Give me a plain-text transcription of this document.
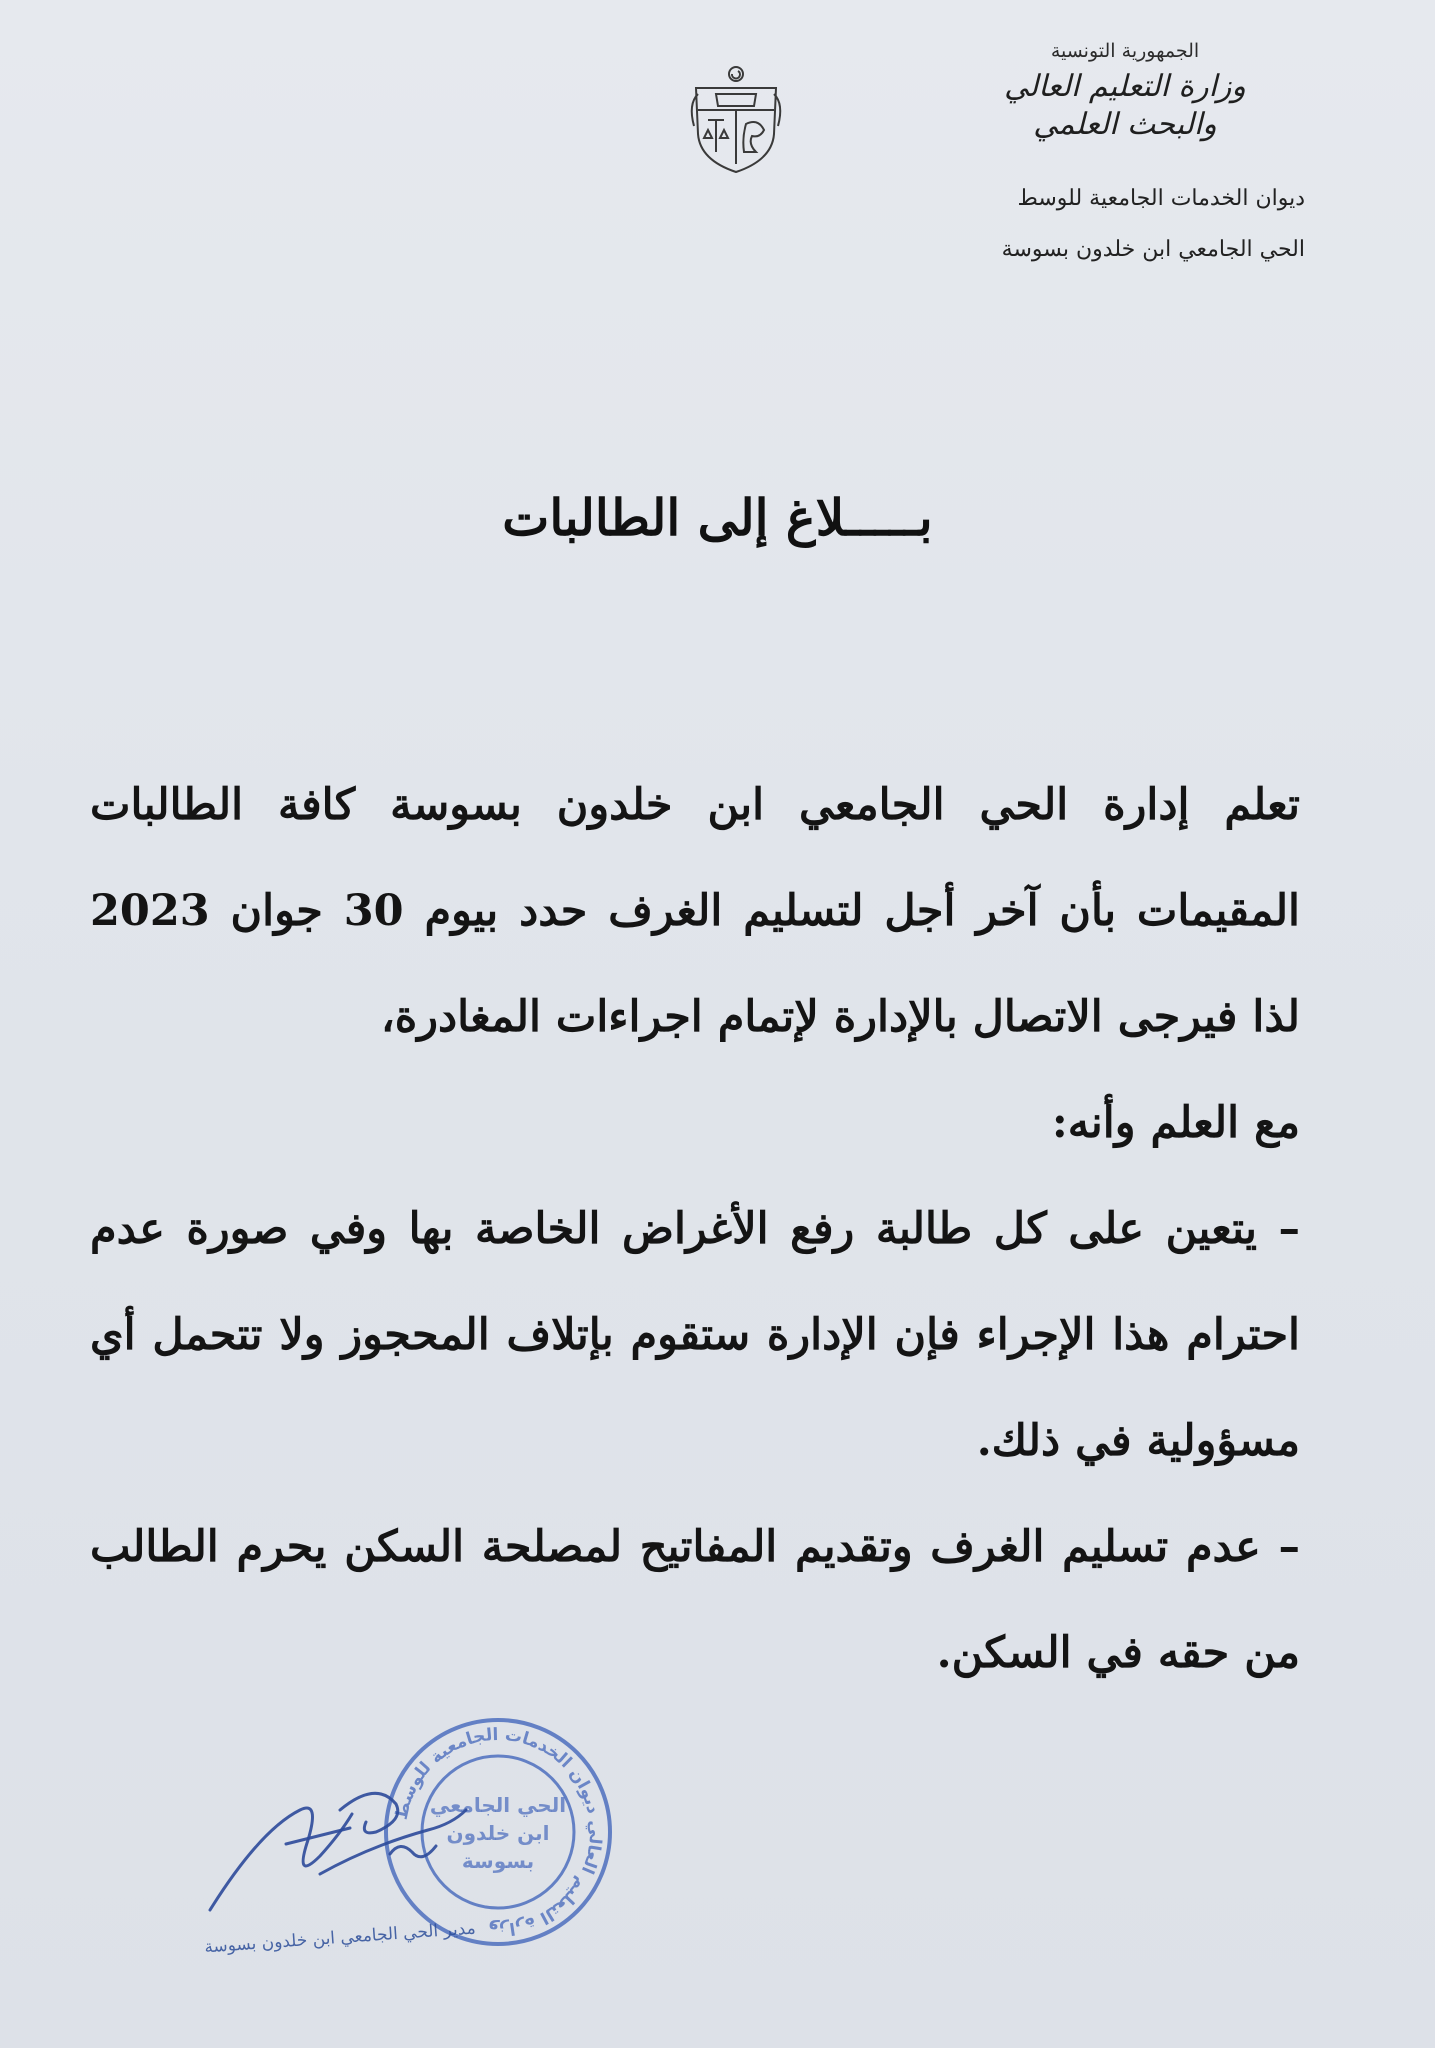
الجمهورية التونسية
وزارة التعليم العالي
والبحث العلمي
ديوان الخدمات الجامعية للوسط
الحي الجامعي ابن خلدون بسوسة
بـــــلاغ إلى الطالبات

تعلم إدارة الحي الجامعي ابن خلدون بسوسة كافة الطالبات المقيمات بأن آخر أجل لتسليم الغرف حدد بيوم 30 جوان 2023 لذا فيرجى الاتصال بالإدارة لإتمام اجراءات المغادرة،

مع العلم وأنه:

– يتعين على كل طالبة رفع الأغراض الخاصة بها وفي صورة عدم احترام هذا الإجراء فإن الإدارة ستقوم بإتلاف المحجوز ولا تتحمل أي مسؤولية في ذلك.

– عدم تسليم الغرف وتقديم المفاتيح لمصلحة السكن يحرم الطالب من حقه في السكن.

وزارة التعليم العالي ديوان الخدمات الجامعية للوسط
الحي الجامعي
ابن خلدون
بسوسة
مدير الحي الجامعي ابن خلدون بسوسة
